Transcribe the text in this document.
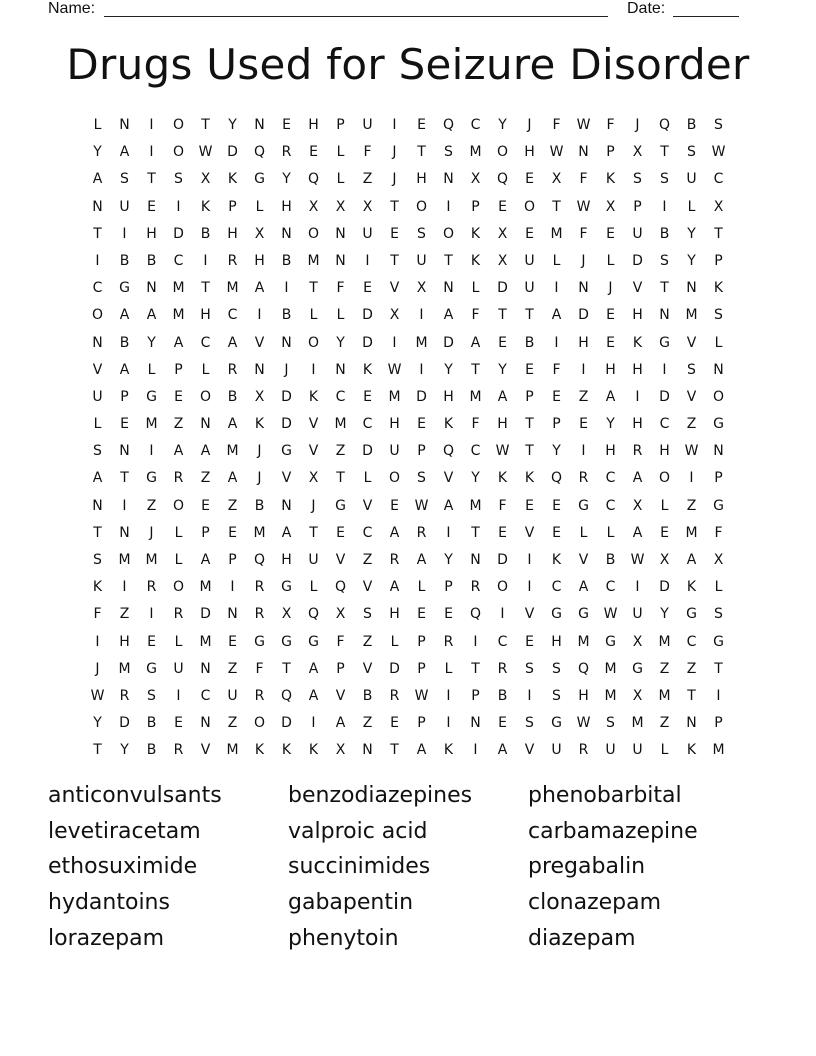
Name:	Date:
Drugs Used for Seizure Disorder
L	N	I	O	T	Y	N	E	H	P	U	I	E	Q	C	Y	J	F	W	F	J	Q	B	S
Y	A	I	O	W	D	Q	R	E	L	F	J	T	S	M	O	H	W	N	P	X	T	S	W
A	S	T	S	X	K	G	Y	Q	L	Z	J	H	N	X	Q	E	X	F	K	S	S	U	C
N	U	E	I	K	P	L	H	X	X	X	T	O	I	P	E	O	T	W	X	P	I	L	X
T	I	H	D	B	H	X	N	O	N	U	E	S	O	K	X	E	M	F	E	U	B	Y	T
I	B	B	C	I	R	H	B	M	N	I	T	U	T	K	X	U	L	J	L	D	S	Y	P
C	G	N	M	T	M	A	I	T	F	E	V	X	N	L	D	U	I	N	J	V	T	N	K
O	A	A	M	H	C	I	B	L	L	D	X	I	A	F	T	T	A	D	E	H	N	M	S
N	B	Y	A	C	A	V	N	O	Y	D	I	M	D	A	E	B	I	H	E	K	G	V	L
V	A	L	P	L	R	N	J	I	N	K	W	I	Y	T	Y	E	F	I	H	H	I	S	N
U	P	G	E	O	B	X	D	K	C	E	M	D	H	M	A	P	E	Z	A	I	D	V	O
L	E	M	Z	N	A	K	D	V	M	C	H	E	K	F	H	T	P	E	Y	H	C	Z	G
S	N	I	A	A	M	J	G	V	Z	D	U	P	Q	C	W	T	Y	I	H	R	H	W	N
A	T	G	R	Z	A	J	V	X	T	L	O	S	V	Y	K	K	Q	R	C	A	O	I	P
N	I	Z	O	E	Z	B	N	J	G	V	E	W	A	M	F	E	E	G	C	X	L	Z	G
T	N	J	L	P	E	M	A	T	E	C	A	R	I	T	E	V	E	L	L	A	E	M	F
S	M	M	L	A	P	Q	H	U	V	Z	R	A	Y	N	D	I	K	V	B	W	X	A	X
K	I	R	O	M	I	R	G	L	Q	V	A	L	P	R	O	I	C	A	C	I	D	K	L
F	Z	I	R	D	N	R	X	Q	X	S	H	E	E	Q	I	V	G	G	W	U	Y	G	S
I	H	E	L	M	E	G	G	G	F	Z	L	P	R	I	C	E	H	M	G	X	M	C	G
J	M	G	U	N	Z	F	T	A	P	V	D	P	L	T	R	S	S	Q	M	G	Z	Z	T
W	R	S	I	C	U	R	Q	A	V	B	R	W	I	P	B	I	S	H	M	X	M	T	I
Y	D	B	E	N	Z	O	D	I	A	Z	E	P	I	N	E	S	G	W	S	M	Z	N	P
T	Y	B	R	V	M	K	K	K	X	N	T	A	K	I	A	V	U	R	U	U	L	K	M
anticonvulsants	benzodiazepines	phenobarbital
levetiracetam	valproic acid	carbamazepine
ethosuximide	succinimides	pregabalin
hydantoins	gabapentin	clonazepam
lorazepam	phenytoin	diazepam
